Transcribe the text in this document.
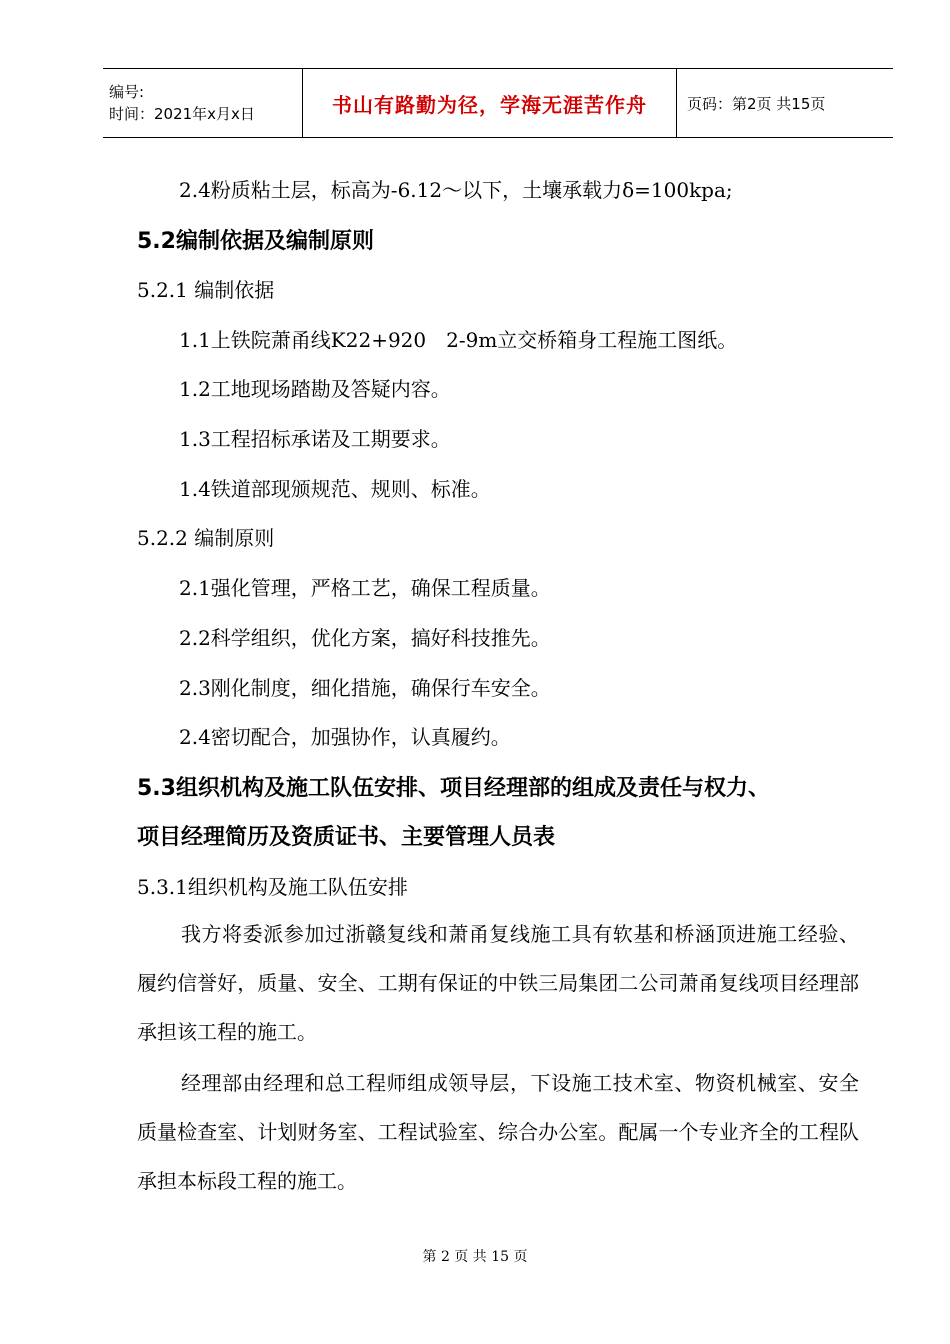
编号:
时间：2021年x月x日	书山有路勤为径，学海无涯苦作舟	页码：第2页 共15页
2.4粉质粘土层，标高为-6.12～以下，土壤承载力δ=100kpa;
5.2编制依据及编制原则
5.2.1 编制依据
1.1上铁院萧甬线K22+920　2-9m立交桥箱身工程施工图纸。
1.2工地现场踏勘及答疑内容。
1.3工程招标承诺及工期要求。
1.4铁道部现颁规范、规则、标准。
5.2.2 编制原则
2.1强化管理，严格工艺，确保工程质量。
2.2科学组织，优化方案，搞好科技推先。
2.3刚化制度，细化措施，确保行车安全。
2.4密切配合，加强协作，认真履约。
5.3组织机构及施工队伍安排、项目经理部的组成及责任与权力、
项目经理简历及资质证书、主要管理人员表
5.3.1组织机构及施工队伍安排
我方将委派参加过浙赣复线和萧甬复线施工具有软基和桥涵顶进施工经验、履约信誉好，质量、安全、工期有保证的中铁三局集团二公司萧甬复线项目经理部承担该工程的施工。
经理部由经理和总工程师组成领导层，下设施工技术室、物资机械室、安全质量检查室、计划财务室、工程试验室、综合办公室。配属一个专业齐全的工程队承担本标段工程的施工。
第 2 页 共 15 页
